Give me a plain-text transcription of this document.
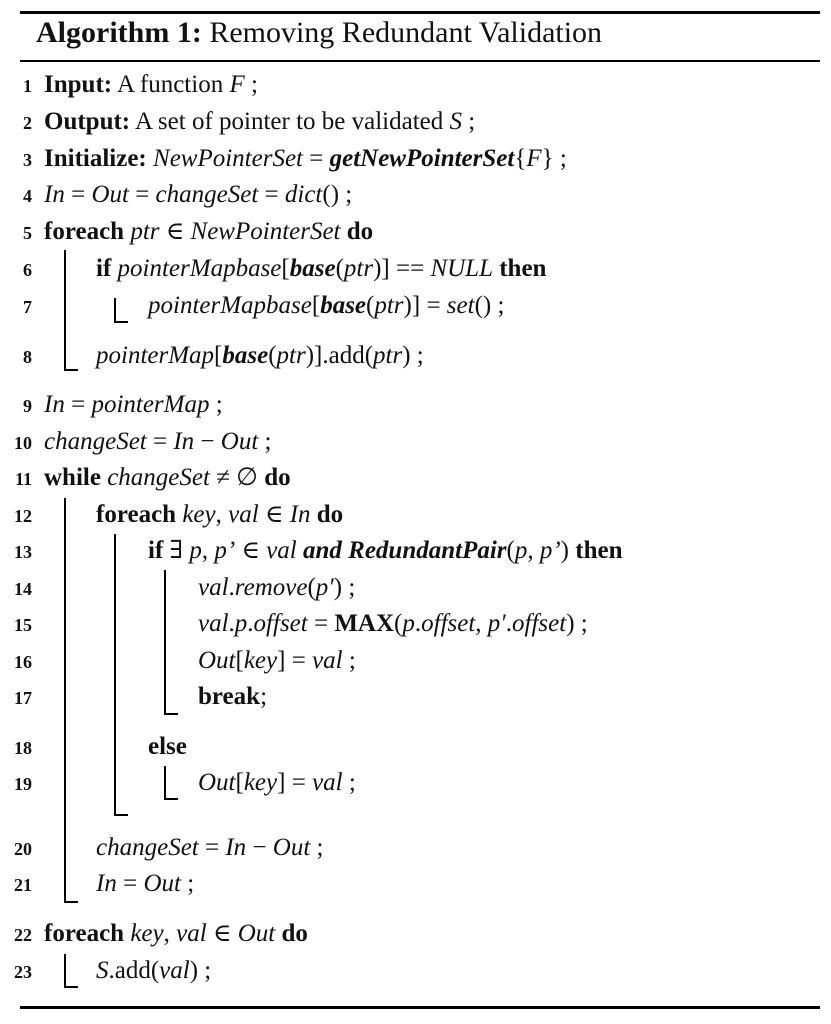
Algorithm 1: Removing Redundant Validation
1
2
3
4
5
6
7
8
9
10
11
12
13
14
15
16
17
18
19
20
21
22
23
Input: A function F ;
Output: A set of pointer to be validated S ;
Initialize: NewPointerSet = getNewPointerSet{F} ;
In = Out = changeSet = dict() ;
foreach ptr ∈ NewPointerSet do
if pointerMapbase[base(ptr)] == NULL then
pointerMapbase[base(ptr)] = set() ;
pointerMap[base(ptr)].add(ptr) ;
In = pointerMap ;
changeSet = In − Out ;
while changeSet ≠ ∅ do
foreach key, val ∈ In do
if ∃ p, p’ ∈ val and RedundantPair(p, p’) then
val.remove(p′) ;
val.p.offset = MAX(p.offset, p′.offset) ;
Out[key] = val ;
break;
else
Out[key] = val ;
changeSet = In − Out ;
In = Out ;
foreach key, val ∈ Out do
S.add(val) ;
